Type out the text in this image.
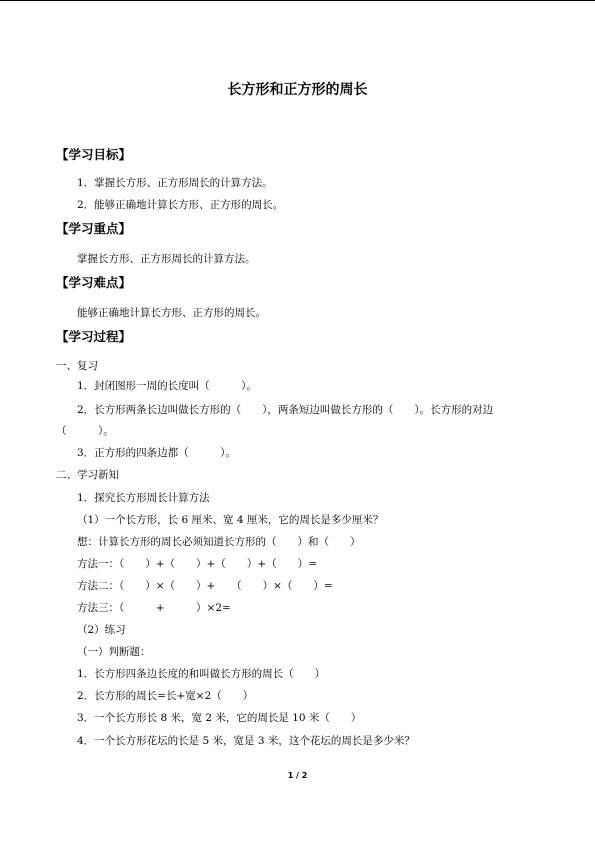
长方形和正方形的周长
【学习目标】
1．掌握长方形、正方形周长的计算方法。
2．能够正确地计算长方形、正方形的周长。
【学习重点】
掌握长方形、正方形周长的计算方法。
【学习难点】
能够正确地计算长方形、正方形的周长。
【学习过程】
一、复习
1．封闭图形一周的长度叫（　　　）。
2．长方形两条长边叫做长方形的（　　），两条短边叫做长方形的（　　）。长方形的对边
（　　　）。
3．正方形的四条边都（　　　）。
二、学习新知
1．探究长方形周长计算方法
（1）一个长方形，长 6 厘米、宽 4 厘米，它的周长是多少厘米？
想：计算长方形的周长必须知道长方形的（　　）和（　　）
方法一：（　　）+（　　）+（　　）+（　　）=
方法二：（　　）×（　　）+　　（　　）×（　　）=
方法三：（　　　+　　　）×2=
（2）练习
（一）判断题：
1．长方形四条边长度的和叫做长方形的周长（　　）
2．长方形的周长=长+宽×2（　　）
3．一个长方形长 8 米，宽 2 米，它的周长是 10 米（　　）
4．一个长方形花坛的长是 5 米，宽是 3 米，这个花坛的周长是多少米？
1 / 2
